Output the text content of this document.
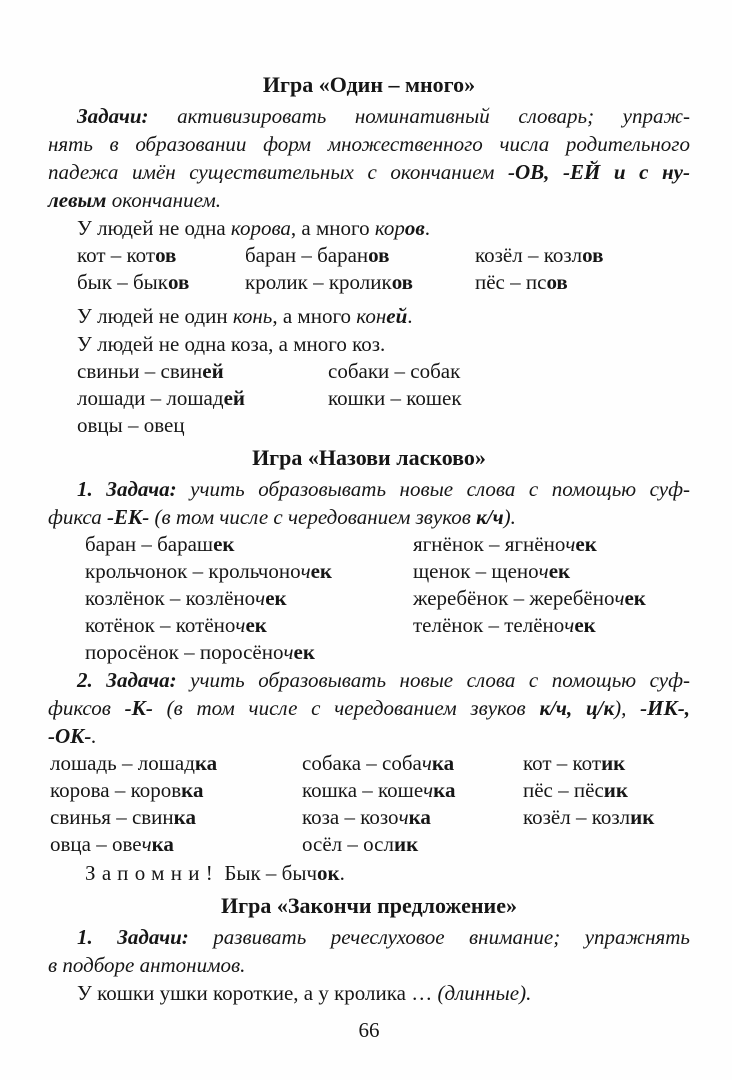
Игра «Один – много»
Задачи: активизировать номинативный словарь; упраж-
нять в образовании форм множественного числа родительного
падежа имён существительных с окончанием -ОВ, -ЕЙ и с ну-
левым окончанием.
У людей не одна корова, а много коров.
кот – котов	баран – баранов	козёл – козлов
бык – быков	кролик – кроликов	пёс – псов
У людей не один конь, а много коней.
У людей не одна коза, а много коз.
свиньи – свиней	собаки – собак
лошади – лошадей	кошки – кошек
овцы – овец
Игра «Назови ласково»
1. Задача: учить образовывать новые слова с помощью суф-
фикса -ЕК- (в том числе с чередованием звуков к/ч).
баран – барашек	ягнёнок – ягнёночек
крольчонок – крольчоночек	щенок – щеночек
козлёнок – козлёночек	жеребёнок – жеребёночек
котёнок – котёночек	телёнок – телёночек
поросёнок – поросёночек
2. Задача: учить образовывать новые слова с помощью суф-
фиксов -К- (в том числе с чередованием звуков к/ч, ц/к), -ИК-,
-ОК-.
лошадь – лошадка	собака – собачка	кот – котик
корова – коровка	кошка – кошечка	пёс – пёсик
свинья – свинка	коза – козочка	козёл – козлик
овца – овечка	осёл – ослик
Запомни! Бык – бычок.
Игра «Закончи предложение»
1. Задачи: развивать речеслуховое внимание; упражнять
в подборе антонимов.
У кошки ушки короткие, а у кролика … (длинные).
66
